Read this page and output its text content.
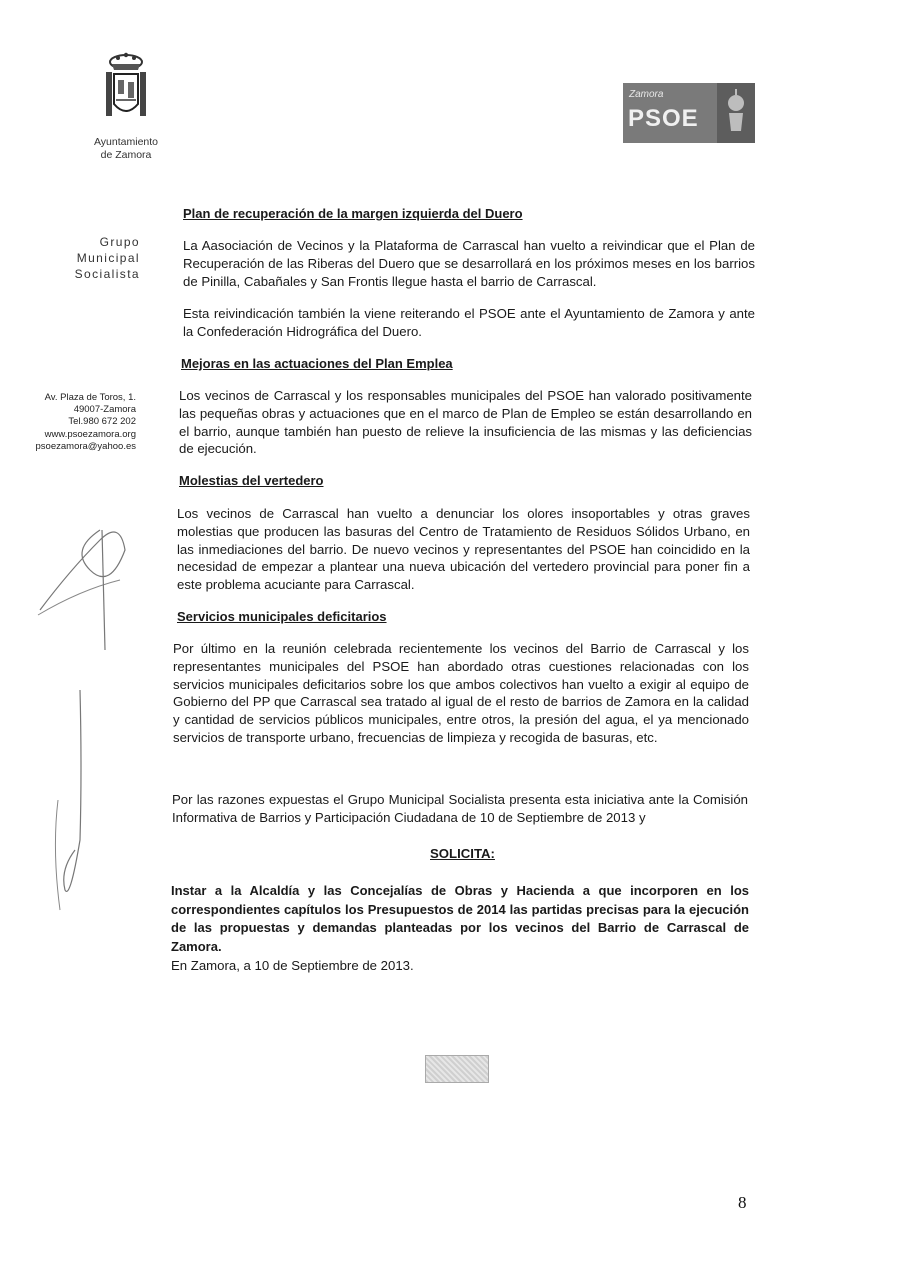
Ayuntamiento
de Zamora
Zamora
PSOE
Grupo
Municipal
Socialista
Av. Plaza de Toros, 1.
49007-Zamora
Tel.980 672 202
www.psoezamora.org
psoezamora@yahoo.es
Plan de recuperación de la margen izquierda del Duero
La Aasociación de Vecinos y la Plataforma de Carrascal han vuelto a reivindicar que el Plan de Recuperación de las Riberas del Duero que se desarrollará en los próximos meses en los barrios de Pinilla, Cabañales y San Frontis llegue hasta el barrio de Carrascal.
Esta reivindicación también la viene reiterando el PSOE ante el Ayuntamiento de Zamora y ante la Confederación Hidrográfica del Duero.
Mejoras en las actuaciones del Plan Emplea
Los vecinos de Carrascal y los responsables municipales del PSOE han valorado positivamente las pequeñas obras y actuaciones que en el marco de Plan de Empleo se están desarrollando en el barrio, aunque también han puesto de relieve la insuficiencia de las mismas y las deficiencias de ejecución.
Molestias del vertedero
Los vecinos de Carrascal han vuelto a denunciar los olores insoportables y otras graves molestias que producen las basuras del Centro de Tratamiento de Residuos Sólidos Urbano, en las inmediaciones del barrio. De nuevo vecinos y representantes del PSOE han coincidido en la necesidad de empezar a plantear una nueva ubicación del vertedero provincial para poner fin a este problema acuciante para Carrascal.
Servicios municipales deficitarios
Por último en la reunión celebrada recientemente los vecinos del Barrio de Carrascal y los representantes municipales del PSOE han abordado otras cuestiones relacionadas con los servicios municipales deficitarios sobre los que ambos colectivos han vuelto a exigir al equipo de Gobierno del PP que Carrascal sea tratado al igual de el resto de barrios de Zamora en la calidad y cantidad de servicios públicos municipales, entre otros, la presión del agua, el ya mencionado servicios de transporte urbano, frecuencias de limpieza y recogida de basuras, etc.
Por las razones expuestas el Grupo Municipal Socialista presenta esta iniciativa ante la Comisión Informativa de Barrios y Participación Ciudadana de 10 de Septiembre de 2013 y
SOLICITA:
Instar a la Alcaldía y las Concejalías de Obras y Hacienda a que incorporen en los correspondientes capítulos los Presupuestos de 2014 las partidas precisas para la ejecución de las propuestas y demandas planteadas por los vecinos del Barrio de Carrascal de Zamora.
En Zamora, a 10 de Septiembre de 2013.
8
